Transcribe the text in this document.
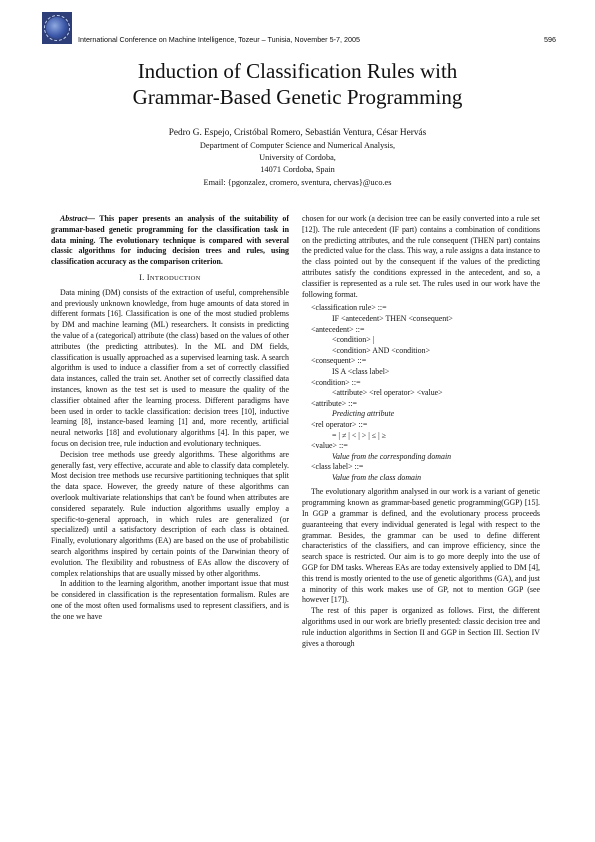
International Conference on Machine Intelligence, Tozeur – Tunisia, November 5-7, 2005	596
Induction of Classification Rules with
Grammar-Based Genetic Programming
Pedro G. Espejo, Cristóbal Romero, Sebastián Ventura, César Hervás
Department of Computer Science and Numerical Analysis,
University of Cordoba,
14071 Cordoba, Spain
Email: {pgonzalez, cromero, sventura, chervas}@uco.es

Abstract— This paper presents an analysis of the suitability of grammar-based genetic programming for the classification task in data mining. The evolutionary technique is compared with several classic algorithms for inducing decision trees and rules, using classification accuracy as the comparison criterion.

I. INTRODUCTION

Data mining (DM) consists of the extraction of useful, comprehensible and previously unknown knowledge, from huge amounts of data stored in different formats [16]. Classification is one of the most studied problems by DM and machine learning (ML) researchers. It consists in predicting the value of a (categorical) attribute (the class) based on the values of other attributes (the predicting attributes). In the ML and DM fields, classification is usually approached as a supervised learning task. A search algorithm is used to induce a classifier from a set of correctly classified data instances, called the train set. Another set of correctly classified data instances, known as the test set is used to measure the quality of the classifier obtained after the learning process. Different paradigms have been used in order to tackle classification: decision trees [10], inductive learning [8], instance-based learning [1] and, more recently, artificial neural networks [18] and evolutionary algorithms [4]. In this paper, we focus on decision tree, rule induction and evolutionary techniques.

Decision tree methods use greedy algorithms. These algorithms are generally fast, very effective, accurate and able to classify data completely. Most decision tree methods use recursive partitioning techniques that split the data space. However, the greedy nature of these algorithms can overlook multivariate relationships that can't be found when attributes are considered separately. Rule induction algorithms usually employ a specific-to-general approach, in which rules are generalized (or specialized) until a satisfactory description of each class is obtained. Finally, evolutionary algorithms (EA) are based on the use of probabilistic search algorithms inspired by certain points of the Darwinian theory of evolution. The flexibility and robustness of EAs allow the discovery of complex relationships that are usually missed by other algorithms.

In addition to the learning algorithm, another important issue that must be considered in classification is the representation formalism. Rules are one of the most often used formalisms used to represent classifiers, and is the one we have

chosen for our work (a decision tree can be easily converted into a rule set [12]). The rule antecedent (IF part) contains a combination of conditions on the predicting attributes, and the rule consequent (THEN part) contains the predicted value for the class. This way, a rule assigns a data instance to the class pointed out by the consequent if the values of the predicting attributes satisfy the conditions expressed in the antecedent, and so, a classifier is represented as a rule set. The rules used in our work have the following format.

<classification rule> ::=
IF <antecedent> THEN <consequent>
<antecedent> ::=
<condition> |
<condition> AND <condition>
<consequent> ::=
IS A <class label>
<condition> ::=
<attribute> <rel operator> <value>
<attribute> ::=
Predicting attribute
<rel operator> ::=
= | ≠ | < | > | ≤ | ≥
<value> ::=
Value from the corresponding domain
<class label> ::=
Value from the class domain

The evolutionary algorithm analysed in our work is a variant of genetic programming known as grammar-based genetic programming(GGP) [15]. In GGP a grammar is defined, and the evolutionary process proceeds guaranteeing that every individual generated is legal with respect to the grammar. Besides, the grammar can be used to define different characteristics of the classifiers, and can improve efficiency, since the search space is restricted. Our aim is to go more deeply into the use of GGP for DM tasks. Whereas EAs are today extensively applied to DM [4], this trend is mostly oriented to the use of genetic algorithms (GA), and just a minority of this work makes use of GP, not to mention GGP (see however [17]).

The rest of this paper is organized as follows. First, the different algorithms used in our work are briefly presented: classic decision tree and rule induction algorithms in Section II and GGP in Section III. Section IV gives a thorough
